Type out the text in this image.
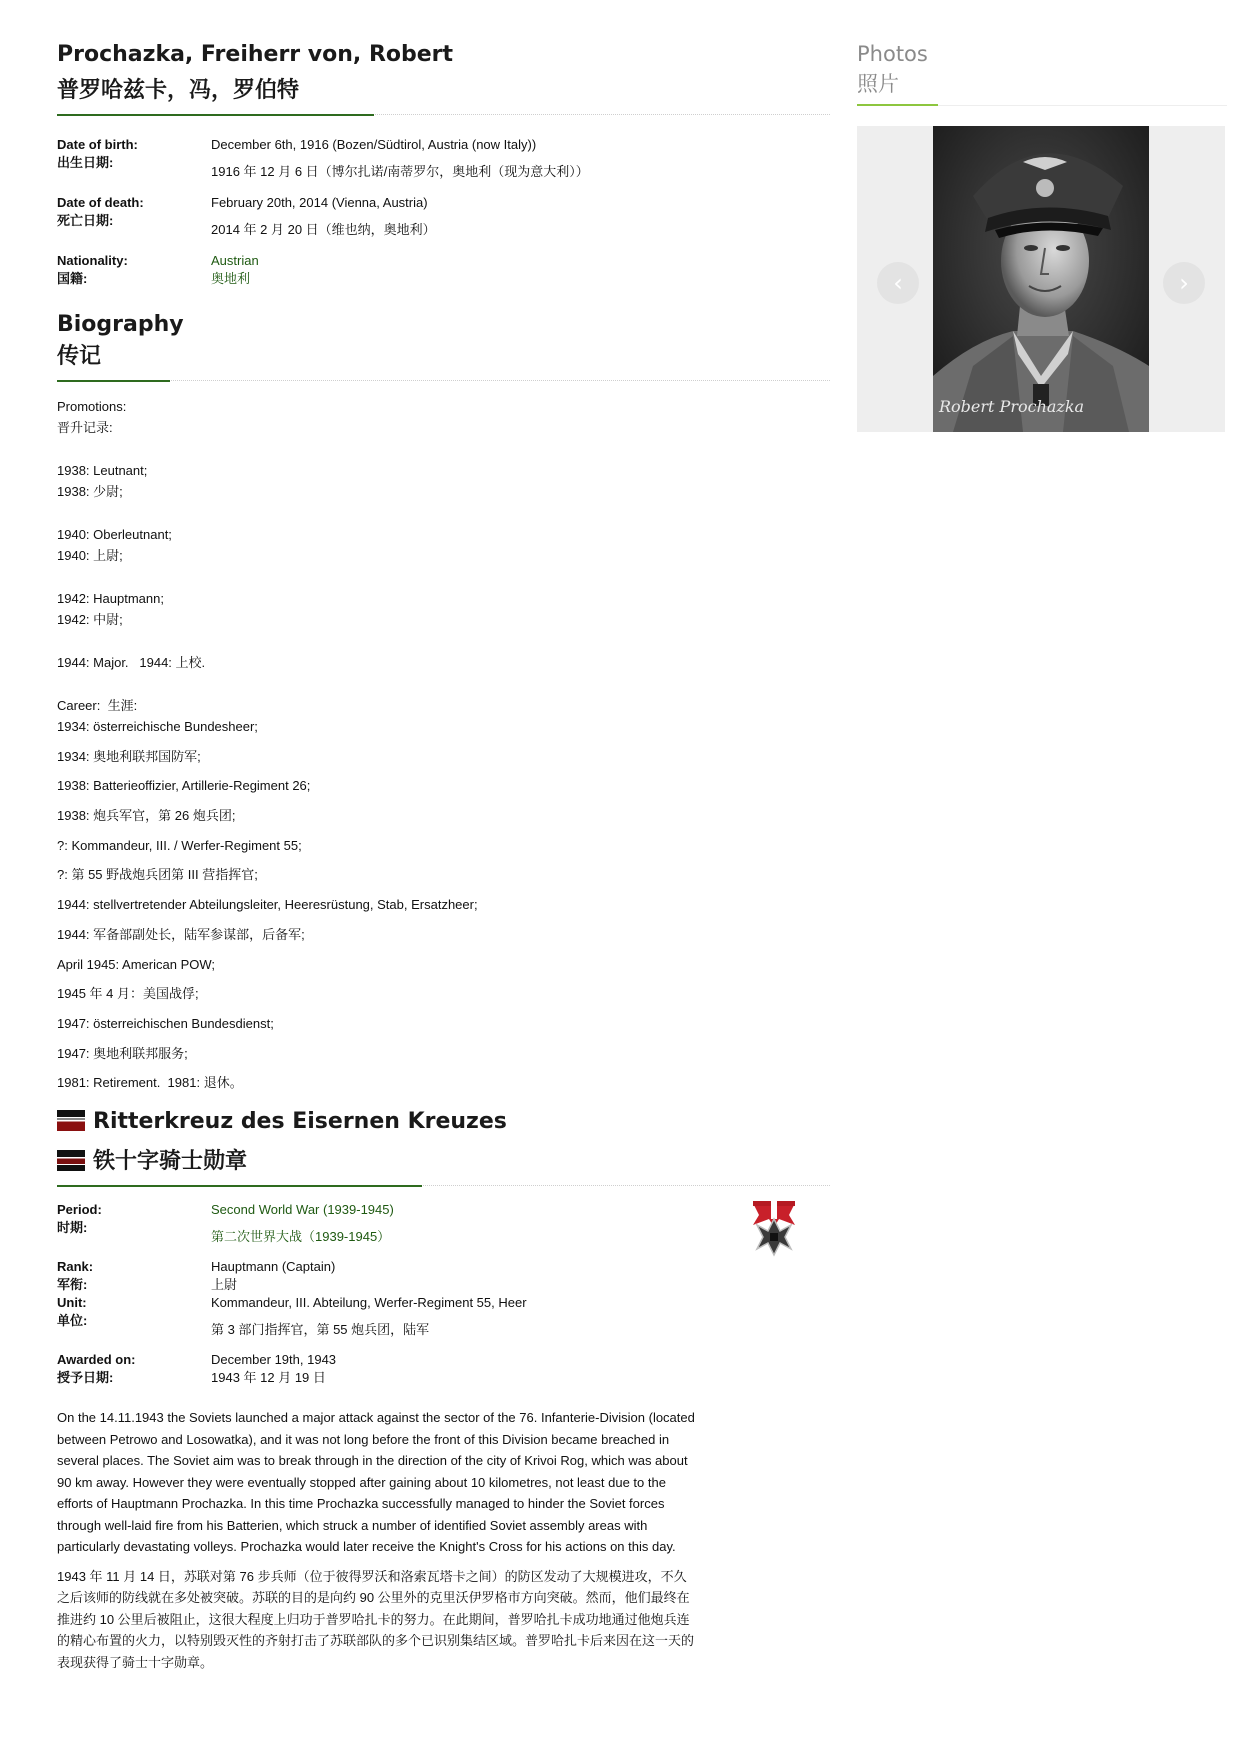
Prochazka, Freiherr von, Robert
普罗哈兹卡，冯，罗伯特
Date of birth:
出生日期:
December 6th, 1916 (Bozen/Südtirol, Austria (now Italy))
1916 年 12 月 6 日（博尔扎诺/南蒂罗尔，奥地利（现为意大利））
Date of death:
死亡日期:
February 20th, 2014 (Vienna, Austria)
2014 年 2 月 20 日（维也纳，奥地利）
Nationality:
国籍:
Austrian
奥地利
Biography
传记

Promotions:

晋升记录:

1938: Leutnant;

1938: 少尉;

1940: Oberleutnant;

1940: 上尉;

1942: Hauptmann;

1942: 中尉;

1944: Major.   1944: 上校.

Career:  生涯:

1934: österreichische Bundesheer;

1934: 奥地利联邦国防军;

1938: Batterieoffizier, Artillerie-Regiment 26;

1938: 炮兵军官，第 26 炮兵团;

?: Kommandeur, III. / Werfer-Regiment 55;

?: 第 55 野战炮兵团第 III 营指挥官;

1944: stellvertretender Abteilungsleiter, Heeresrüstung, Stab, Ersatzheer;

1944: 军备部副处长，陆军参谋部，后备军;

April 1945: American POW;

1945 年 4 月：美国战俘;

1947: österreichischen Bundesdienst;

1947: 奥地利联邦服务;

1981: Retirement.  1981: 退休。

Ritterkreuz des Eisernen Kreuzes
铁十字骑士勋章
Period:
时期:
Second World War (1939-1945)
第二次世界大战（1939-1945）
Rank:
军衔:
Hauptmann (Captain)
上尉
Unit:
单位:
Kommandeur, III. Abteilung, Werfer-Regiment 55, Heer
第 3 部门指挥官，第 55 炮兵团，陆军
Awarded on:
授予日期:
December 19th, 1943
1943 年 12 月 19 日

On the 14.11.1943 the Soviets launched a major attack against the sector of the 76. Infanterie-Division (located between Petrowo and Losowatka), and it was not long before the front of this Division became breached in several places. The Soviet aim was to break through in the direction of the city of Krivoi Rog, which was about 90 km away. However they were eventually stopped after gaining about 10 kilometres, not least due to the efforts of Hauptmann Prochazka. In this time Prochazka successfully managed to hinder the Soviet forces through well-laid fire from his Batterien, which struck a number of identified Soviet assembly areas with particularly devastating volleys. Prochazka would later receive the Knight's Cross for his actions on this day.

1943 年 11 月 14 日，苏联对第 76 步兵师（位于彼得罗沃和洛索瓦塔卡之间）的防区发动了大规模进攻，不久之后该师的防线就在多处被突破。苏联的目的是向约 90 公里外的克里沃伊罗格市方向突破。然而，他们最终在推进约 10 公里后被阻止，这很大程度上归功于普罗哈扎卡的努力。在此期间，普罗哈扎卡成功地通过他炮兵连的精心布置的火力，以特别毁灭性的齐射打击了苏联部队的多个已识别集结区域。普罗哈扎卡后来因在这一天的表现获得了骑士十字勋章。

Photos
照片
Robert Prochazka
‹	›
